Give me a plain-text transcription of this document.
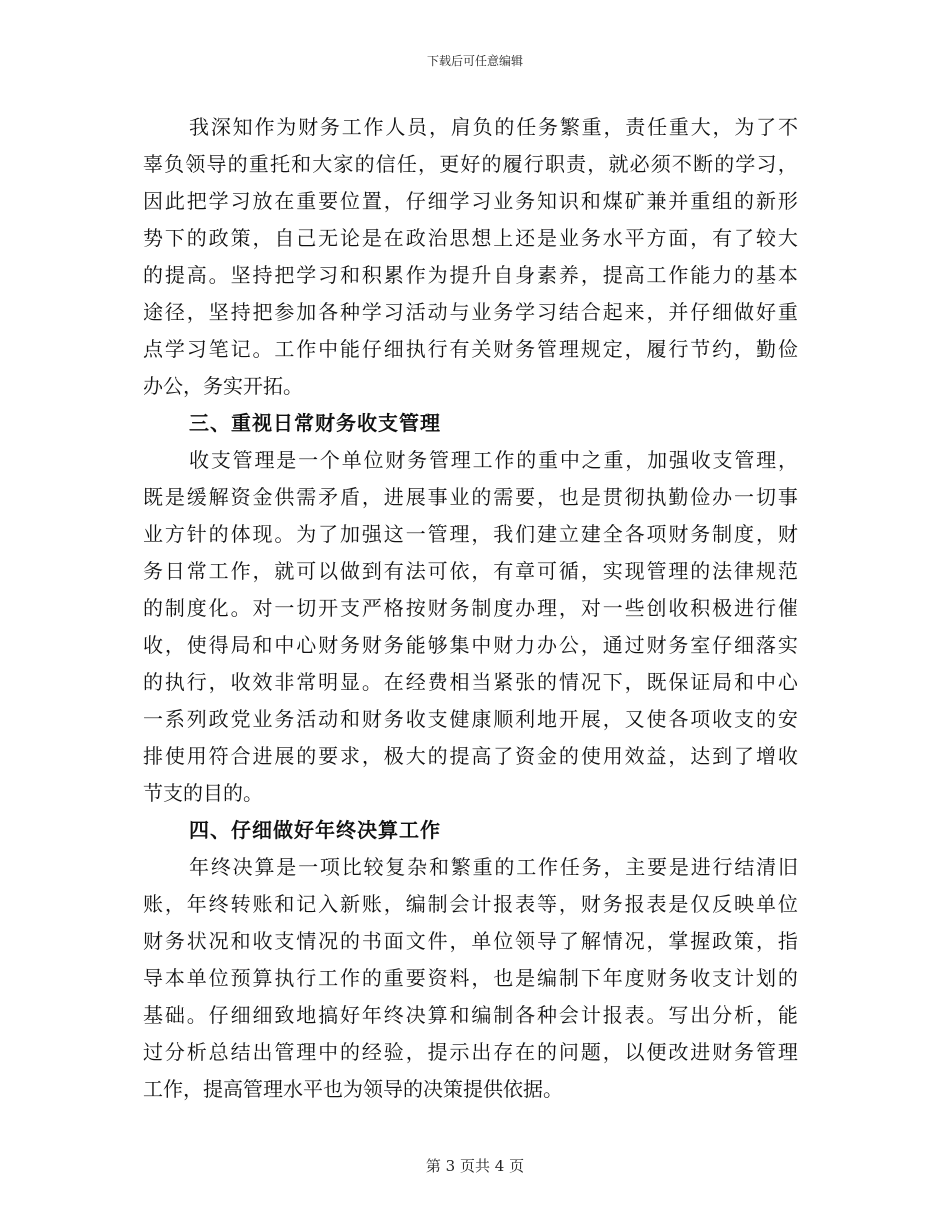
下载后可任意编辑
我 深 知 作 为 财 务 工 作 人 员 ， 肩 负 的 任 务 繁 重 ， 责 任 重 大 ， 为 了 不
辜 负 领 导 的 重 托 和 大 家 的 信 任 ， 更 好 的 履 行 职 责 ， 就 必 须 不 断 的 学 习 ，
因 此 把 学 习 放 在 重 要 位 置 ， 仔 细 学 习 业 务 知 识 和 煤 矿 兼 并 重 组 的 新 形
势 下 的 政 策 ， 自 己 无 论 是 在 政 治 思 想 上 还 是 业 务 水 平 方 面 ， 有 了 较 大
的 提 高 。 坚 持 把 学 习 和 积 累 作 为 提 升 自 身 素 养 ， 提 高 工 作 能 力 的 基 本
途 径 ， 坚 持 把 参 加 各 种 学 习 活 动 与 业 务 学 习 结 合 起 来 ， 并 仔 细 做 好 重
点 学 习 笔 记 。 工 作 中 能 仔 细 执 行 有 关 财 务 管 理 规 定 ， 履 行 节 约 ， 勤 俭
办公，务实开拓。
三、重视日常财务收支管理
收 支 管 理 是 一 个 单 位 财 务 管 理 工 作 的 重 中 之 重 ， 加 强 收 支 管 理 ，
既 是 缓 解 资 金 供 需 矛 盾 ， 进 展 事 业 的 需 要 ， 也 是 贯 彻 执 勤 俭 办 一 切 事
业 方 针 的 体 现 。 为 了 加 强 这 一 管 理 ， 我 们 建 立 建 全 各 项 财 务 制 度 ， 财
务 日 常 工 作 ， 就 可 以 做 到 有 法 可 依 ， 有 章 可 循 ， 实 现 管 理 的 法 律 规 范
的 制 度 化 。 对 一 切 开 支 严 格 按 财 务 制 度 办 理 ， 对 一 些 创 收 积 极 进 行 催
收 ， 使 得 局 和 中 心 财 务 财 务 能 够 集 中 财 力 办 公 ， 通 过 财 务 室 仔 细 落 实
的 执 行 ， 收 效 非 常 明 显 。 在 经 费 相 当 紧 张 的 情 况 下 ， 既 保 证 局 和 中 心
一 系 列 政 党 业 务 活 动 和 财 务 收 支 健 康 顺 利 地 开 展 ， 又 使 各 项 收 支 的 安
排 使 用 符 合 进 展 的 要 求 ， 极 大 的 提 高 了 资 金 的 使 用 效 益 ， 达 到 了 增 收
节支的目的。
四、仔细做好年终决算工作
年 终 决 算 是 一 项 比 较 复 杂 和 繁 重 的 工 作 任 务 ， 主 要 是 进 行 结 清 旧
账 ， 年 终 转 账 和 记 入 新 账 ， 编 制 会 计 报 表 等 ， 财 务 报 表 是 仅 反 映 单 位
财 务 状 况 和 收 支 情 况 的 书 面 文 件 ， 单 位 领 导 了 解 情 况 ， 掌 握 政 策 ， 指
导 本 单 位 预 算 执 行 工 作 的 重 要 资 料 ， 也 是 编 制 下 年 度 财 务 收 支 计 划 的
基 础 。 仔 细 细 致 地 搞 好 年 终 决 算 和 编 制 各 种 会 计 报 表 。 写 出 分 析 ， 能
过 分 析 总 结 出 管 理 中 的 经 验 ， 提 示 出 存 在 的 问 题 ， 以 便 改 进 财 务 管 理
工作，提高管理水平也为领导的决策提供依据。
第 3 页共 4 页
